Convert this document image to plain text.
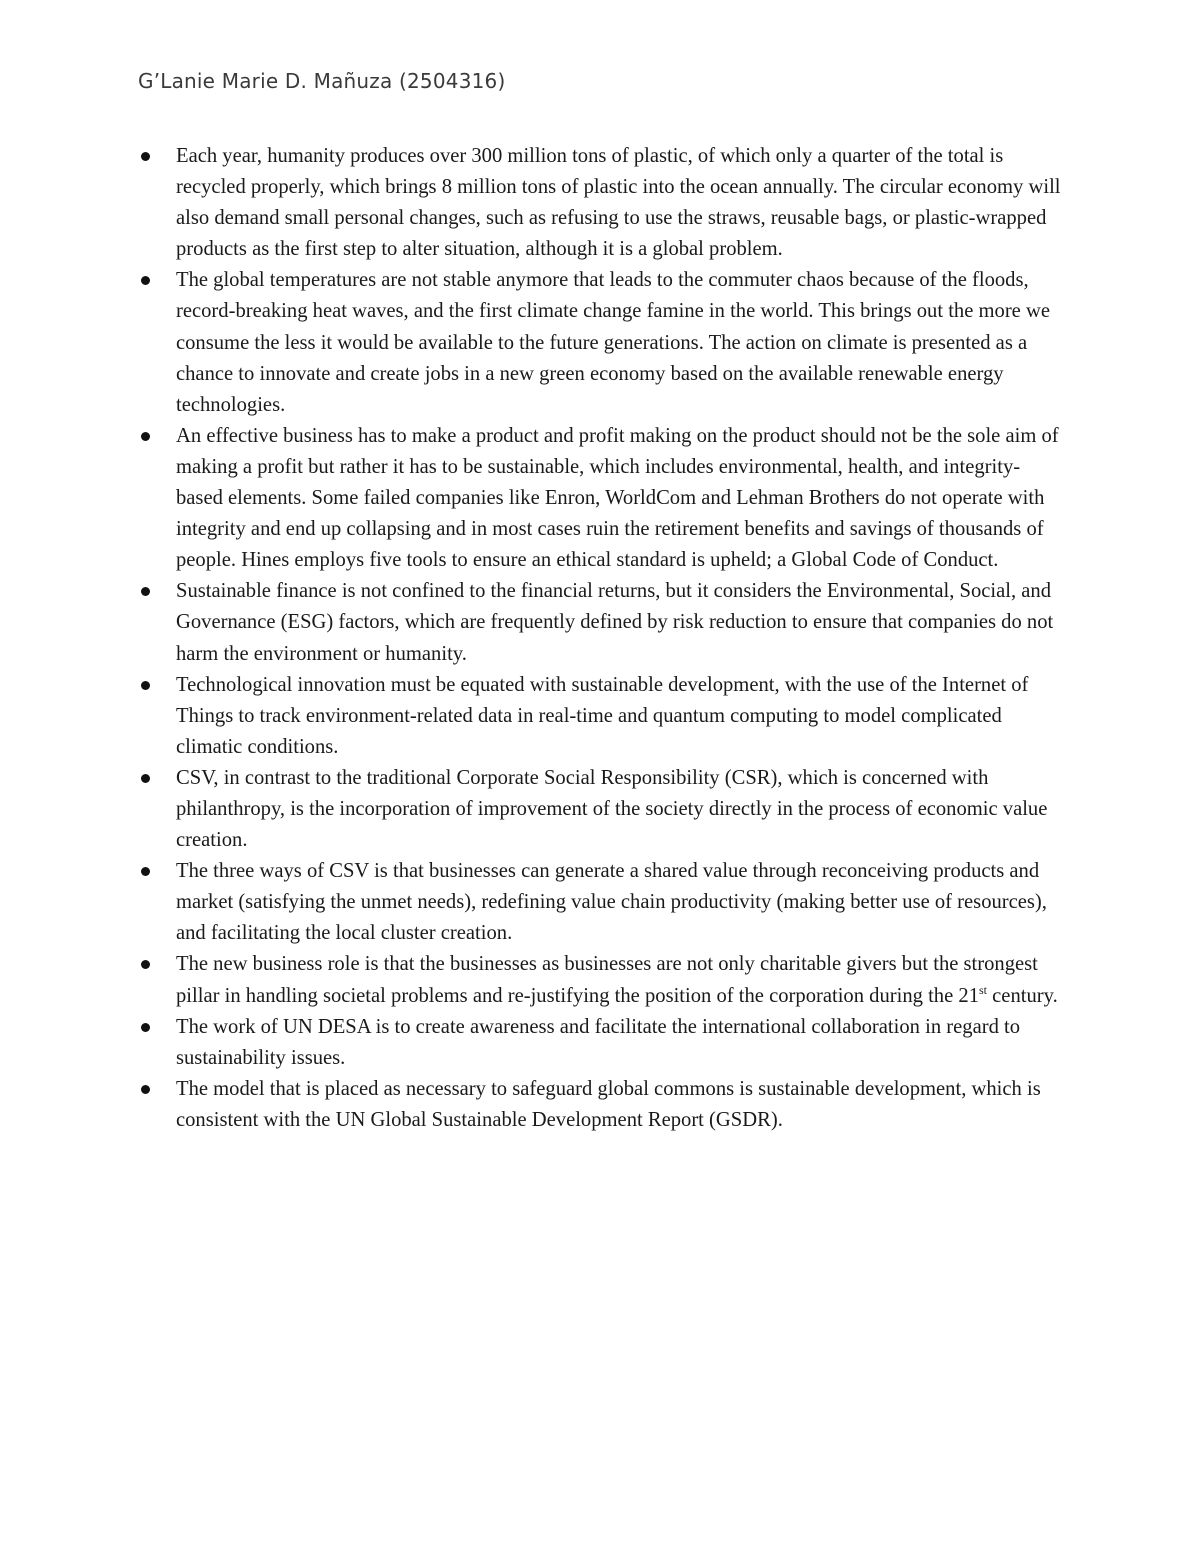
G’Lanie Marie D. Mañuza (2504316)
Each year, humanity produces over 300 million tons of plastic, of which only a quarter of the total is recycled properly, which brings 8 million tons of plastic into the ocean annually. The circular economy will also demand small personal changes, such as refusing to use the straws, reusable bags, or plastic-wrapped products as the first step to alter situation, although it is a global problem.
The global temperatures are not stable anymore that leads to the commuter chaos because of the floods, record-breaking heat waves, and the first climate change famine in the world. This brings out the more we consume the less it would be available to the future generations. The action on climate is presented as a chance to innovate and create jobs in a new green economy based on the available renewable energy technologies.
An effective business has to make a product and profit making on the product should not be the sole aim of making a profit but rather it has to be sustainable, which includes environmental, health, and integrity-based elements. Some failed companies like Enron, WorldCom and Lehman Brothers do not operate with integrity and end up collapsing and in most cases ruin the retirement benefits and savings of thousands of people. Hines employs five tools to ensure an ethical standard is upheld; a Global Code of Conduct.
Sustainable finance is not confined to the financial returns, but it considers the Environmental, Social, and Governance (ESG) factors, which are frequently defined by risk reduction to ensure that companies do not harm the environment or humanity.
Technological innovation must be equated with sustainable development, with the use of the Internet of Things to track environment-related data in real-time and quantum computing to model complicated climatic conditions.
CSV, in contrast to the traditional Corporate Social Responsibility (CSR), which is concerned with philanthropy, is the incorporation of improvement of the society directly in the process of economic value creation.
The three ways of CSV is that businesses can generate a shared value through reconceiving products and market (satisfying the unmet needs), redefining value chain productivity (making better use of resources), and facilitating the local cluster creation.
The new business role is that the businesses as businesses are not only charitable givers but the strongest pillar in handling societal problems and re-justifying the position of the corporation during the 21st century.
The work of UN DESA is to create awareness and facilitate the international collaboration in regard to sustainability issues.
The model that is placed as necessary to safeguard global commons is sustainable development, which is consistent with the UN Global Sustainable Development Report (GSDR).
